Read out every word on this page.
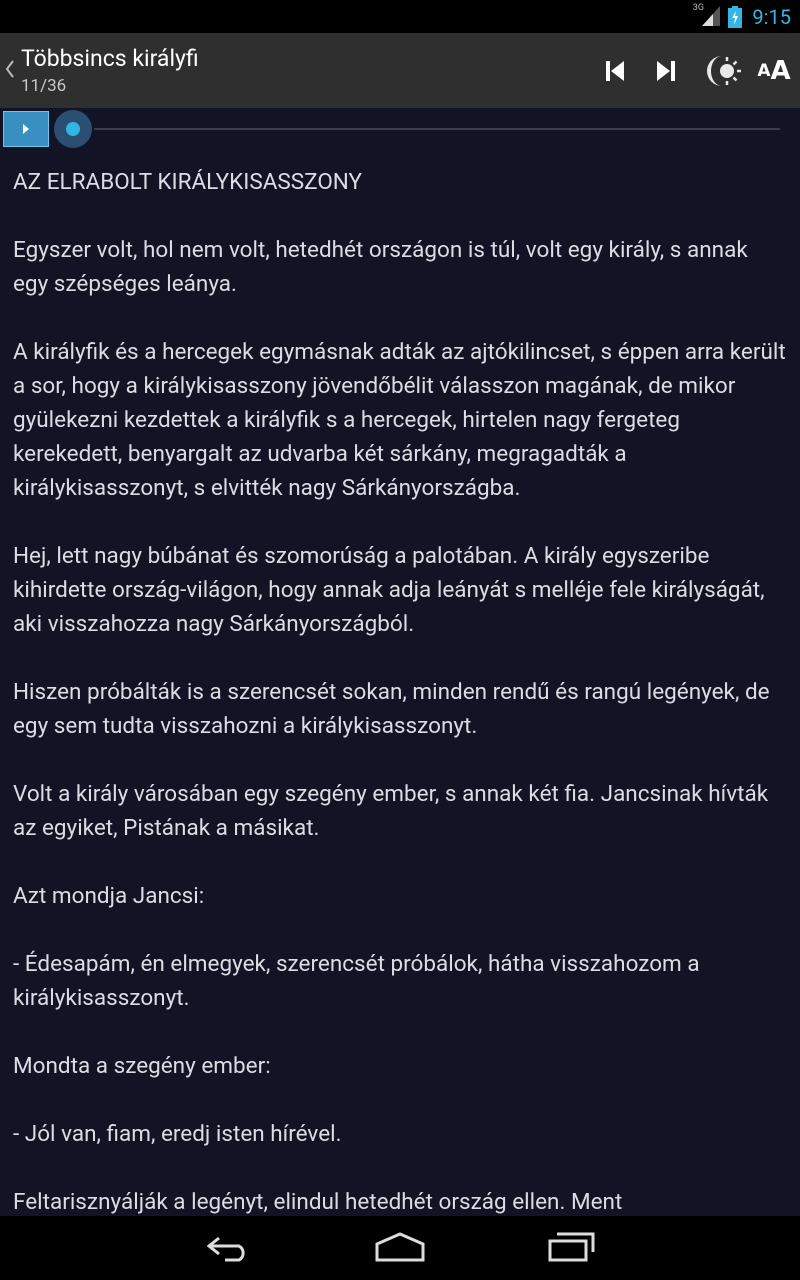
3G 9:15
Többsincs királyfi
11/36
A A

AZ ELRABOLT KIRÁLYKISASSZONY

Egyszer volt, hol nem volt, hetedhét országon is túl, volt egy király, s annak egy szépséges leánya.

A királyfik és a hercegek egymásnak adták az ajtókilincset, s éppen arra került a sor, hogy a királykisasszony jövendőbélit válasszon magának, de mikor gyülekezni kezdettek a királyfik s a hercegek, hirtelen nagy fergeteg kerekedett, benyargalt az udvarba két sárkány, megragadták a királykisasszonyt, s elvitték nagy Sárkányországba.

Hej, lett nagy búbánat és szomorúság a palotában. A király egyszeribe kihirdette ország-világon, hogy annak adja leányát s melléje fele királyságát, aki visszahozza nagy Sárkányországból.

Hiszen próbálták is a szerencsét sokan, minden rendű és rangú legények, de egy sem tudta visszahozni a királykisasszonyt.

Volt a király városában egy szegény ember, s annak két fia. Jancsinak hívták az egyiket, Pistának a másikat.

Azt mondja Jancsi:

- Édesapám, én elmegyek, szerencsét próbálok, hátha visszahozom a királykisasszonyt.

Mondta a szegény ember:

- Jól van, fiam, eredj isten hírével.

Feltarisznyálják a legényt, elindul hetedhét ország ellen. Ment
